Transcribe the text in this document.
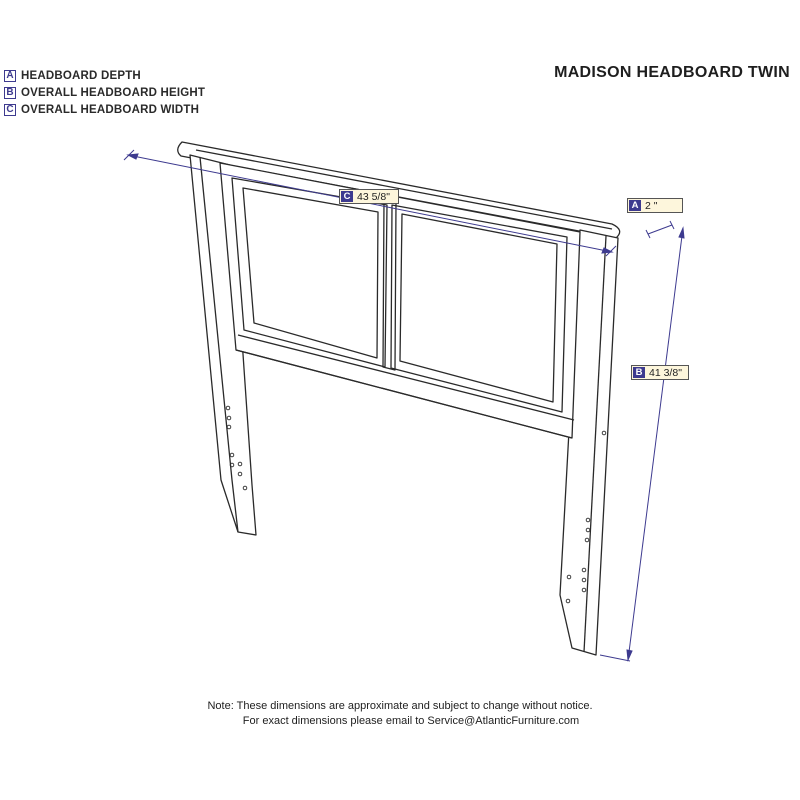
A HEADBOARD DEPTH
B OVERALL HEADBOARD HEIGHT
C OVERALL HEADBOARD WIDTH
MADISON HEADBOARD TWIN
C 43 5/8"
A 2 "
B 41 3/8"
Note: These dimensions are approximate and subject to change without notice.
For exact dimensions please email to Service@AtlanticFurniture.com
